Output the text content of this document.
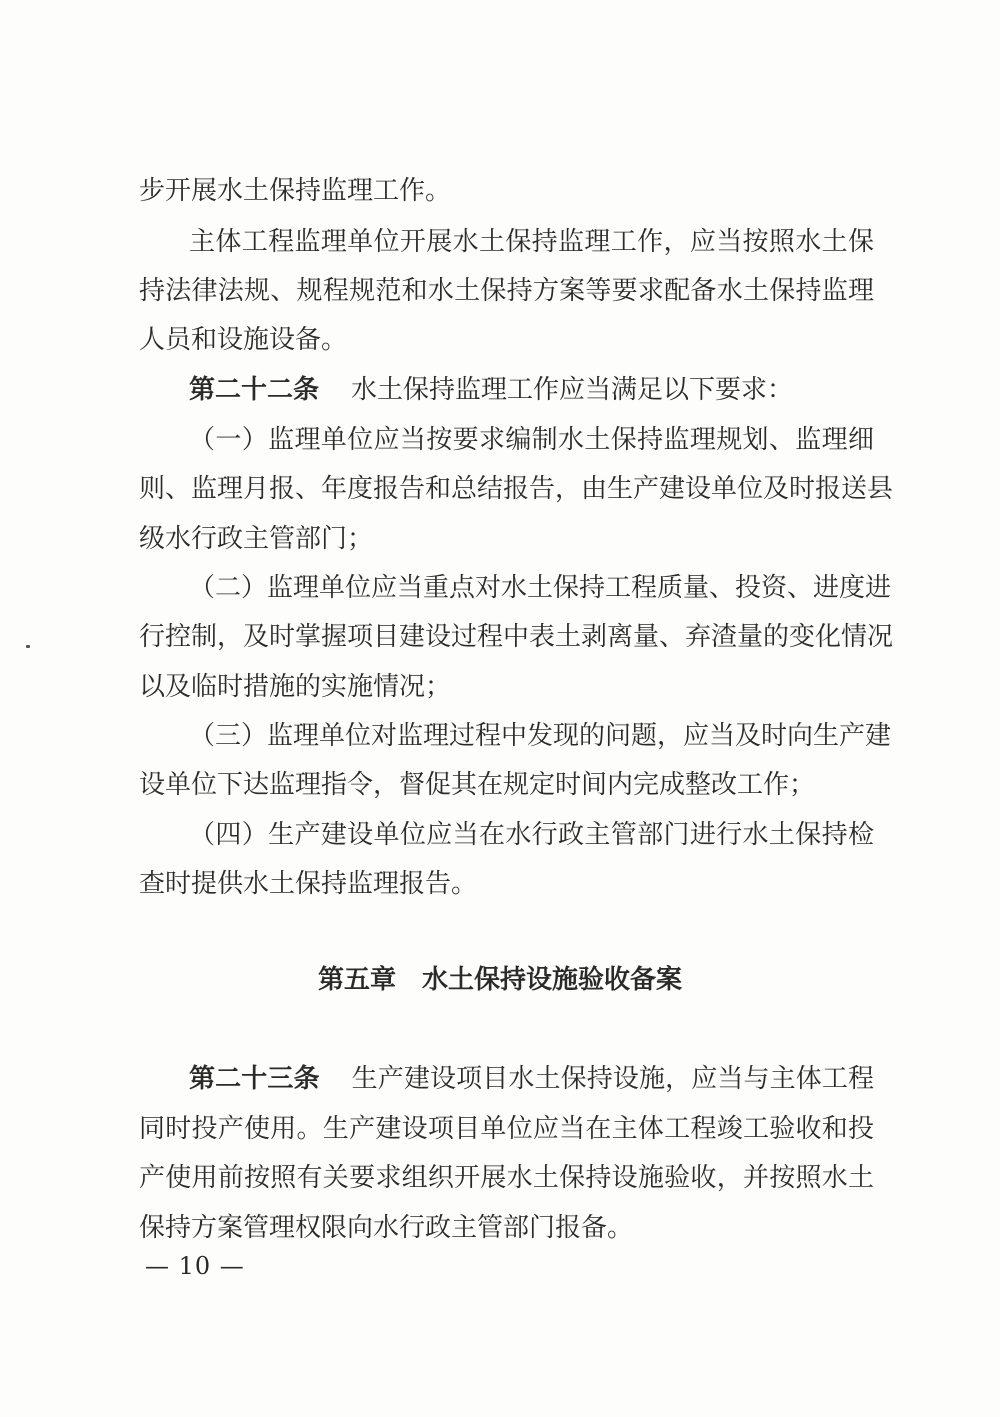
步开展水土保持监理工作。
主体工程监理单位开展水土保持监理工作，应当按照水土保
持法律法规、规程规范和水土保持方案等要求配备水土保持监理
人员和设施设备。
第二十二条 水土保持监理工作应当满足以下要求：
（一）监理单位应当按要求编制水土保持监理规划、监理细
则、监理月报、年度报告和总结报告，由生产建设单位及时报送县
级水行政主管部门；
（二）监理单位应当重点对水土保持工程质量、投资、进度进
行控制，及时掌握项目建设过程中表土剥离量、弃渣量的变化情况
以及临时措施的实施情况；
（三）监理单位对监理过程中发现的问题，应当及时向生产建
设单位下达监理指令，督促其在规定时间内完成整改工作；
（四）生产建设单位应当在水行政主管部门进行水土保持检
查时提供水土保持监理报告。
第五章 水土保持设施验收备案
第二十三条 生产建设项目水土保持设施，应当与主体工程
同时投产使用。生产建设项目单位应当在主体工程竣工验收和投
产使用前按照有关要求组织开展水土保持设施验收，并按照水土
保持方案管理权限向水行政主管部门报备。
— 10 —
